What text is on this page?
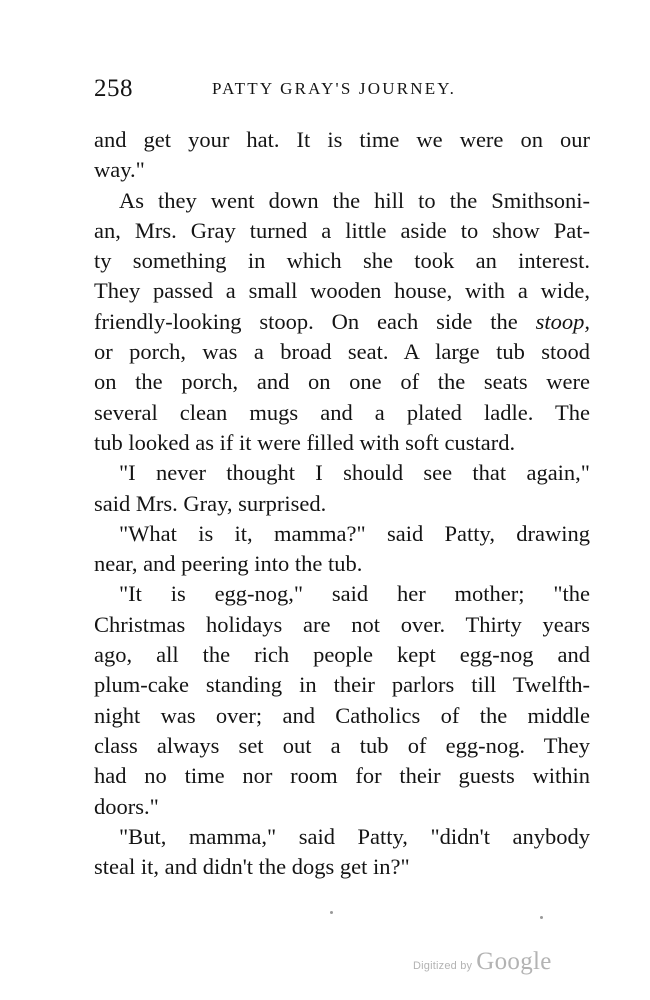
258	PATTY GRAY'S JOURNEY.
and get your hat. It is time we were on our
way."
As they went down the hill to the Smithsoni-
an, Mrs. Gray turned a little aside to show Pat-
ty something in which she took an interest.
They passed a small wooden house, with a wide,
friendly-looking stoop. On each side the stoop,
or porch, was a broad seat. A large tub stood
on the porch, and on one of the seats were
several clean mugs and a plated ladle. The
tub looked as if it were filled with soft custard.
"I never thought I should see that again,"
said Mrs. Gray, surprised.
"What is it, mamma?" said Patty, drawing
near, and peering into the tub.
"It is egg-nog," said her mother; "the
Christmas holidays are not over. Thirty years
ago, all the rich people kept egg-nog and
plum-cake standing in their parlors till Twelfth-
night was over; and Catholics of the middle
class always set out a tub of egg-nog. They
had no time nor room for their guests within
doors."
"But, mamma," said Patty, "didn't anybody
steal it, and didn't the dogs get in?"
Digitized by Google
